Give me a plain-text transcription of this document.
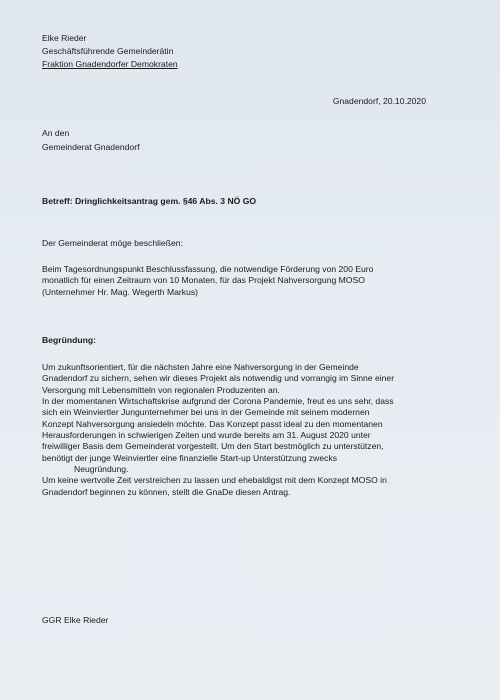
Elke Rieder
Geschäftsführende Gemeinderätin
Fraktion Gnadendorfer Demokraten
Gnadendorf, 20.10.2020
An den
Gemeinderat Gnadendorf
Betreff: Dringlichkeitsantrag gem. §46 Abs. 3 NÖ GO
Der Gemeinderat möge beschließen:
Beim Tagesordnungspunkt Beschlussfassung, die notwendige Förderung von 200 Euro
monatlich für einen Zeitraum von 10 Monaten, für das Projekt Nahversorgung MOSO
(Unternehmer Hr. Mag. Wegerth Markus)
Begründung:

Um zukunftsorientiert, für die nächsten Jahre eine Nahversorgung in der Gemeinde

Gnadendorf zu sichern, sehen wir dieses Projekt als notwendig und vorrangig im Sinne einer

Versorgung mit Lebensmitteln von regionalen Produzenten an.

In der momentanen Wirtschaftskrise aufgrund der Corona Pandemie, freut es uns sehr, dass

sich ein Weinviertler Jungunternehmer bei uns in der Gemeinde mit seinem modernen

Konzept Nahversorgung ansiedeln möchte. Das Konzept passt ideal zu den momentanen

Herausforderungen in schwierigen Zeiten und wurde bereits am 31. August 2020 unter

freiwilliger Basis dem Gemeinderat vorgestellt. Um den Start bestmöglich zu unterstützen,

benötigt der junge Weinviertler eine finanzielle Start-up Unterstützung zwecks

Neugründung.

Um keine wertvolle Zeit verstreichen zu lassen und ehebaldigst mit dem Konzept MOSO in

Gnadendorf beginnen zu können, stellt die GnaDe diesen Antrag.

GGR Elke Rieder
